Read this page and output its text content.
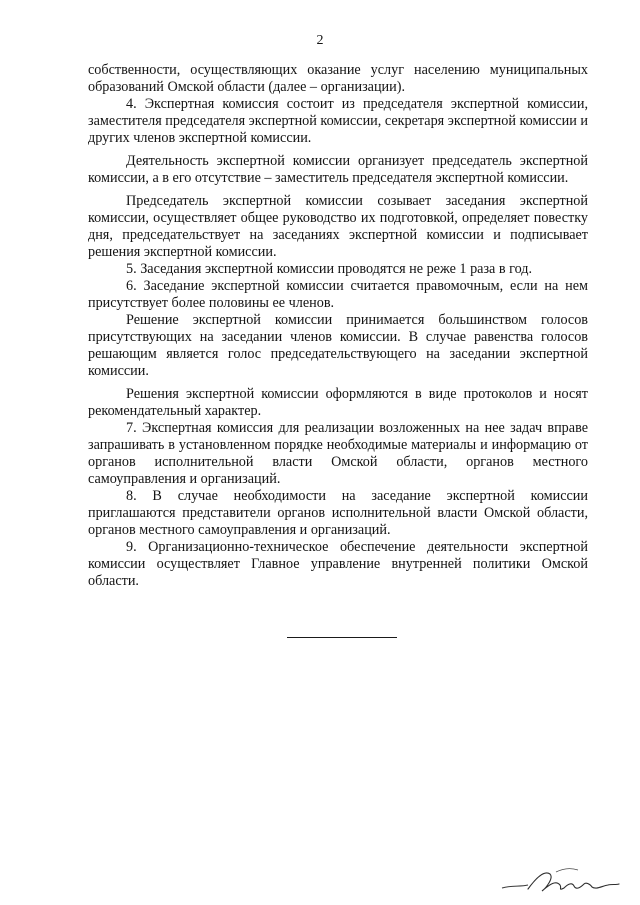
2

собственности, осуществляющих оказание услуг населению муниципальных образований Омской области (далее – организации).

4. Экспертная комиссия состоит из председателя экспертной комиссии, заместителя председателя экспертной комиссии, секретаря экспертной комиссии и других членов экспертной комиссии.

Деятельность экспертной комиссии организует председатель экспертной комиссии, а в его отсутствие – заместитель председателя экспертной комиссии.

Председатель экспертной комиссии созывает заседания экспертной комиссии, осуществляет общее руководство их подготовкой, определяет повестку дня, председательствует на заседаниях экспертной комиссии и подписывает решения экспертной комиссии.

5. Заседания экспертной комиссии проводятся не реже 1 раза в год.

6. Заседание экспертной комиссии считается правомочным, если на нем присутствует более половины ее членов.

Решение экспертной комиссии принимается большинством голосов присутствующих на заседании членов комиссии. В случае равенства голосов решающим является голос председательствующего на заседании экспертной комиссии.

Решения экспертной комиссии оформляются в виде протоколов и носят рекомендательный характер.

7. Экспертная комиссия для реализации возложенных на нее задач вправе запрашивать в установленном порядке необходимые материалы и информацию от органов исполнительной власти Омской области, органов местного самоуправления и организаций.

8. В случае необходимости на заседание экспертной комиссии приглашаются представители органов исполнительной власти Омской области, органов местного самоуправления и организаций.

9. Организационно-техническое обеспечение деятельности экспертной комиссии осуществляет Главное управление внутренней политики Омской области.
